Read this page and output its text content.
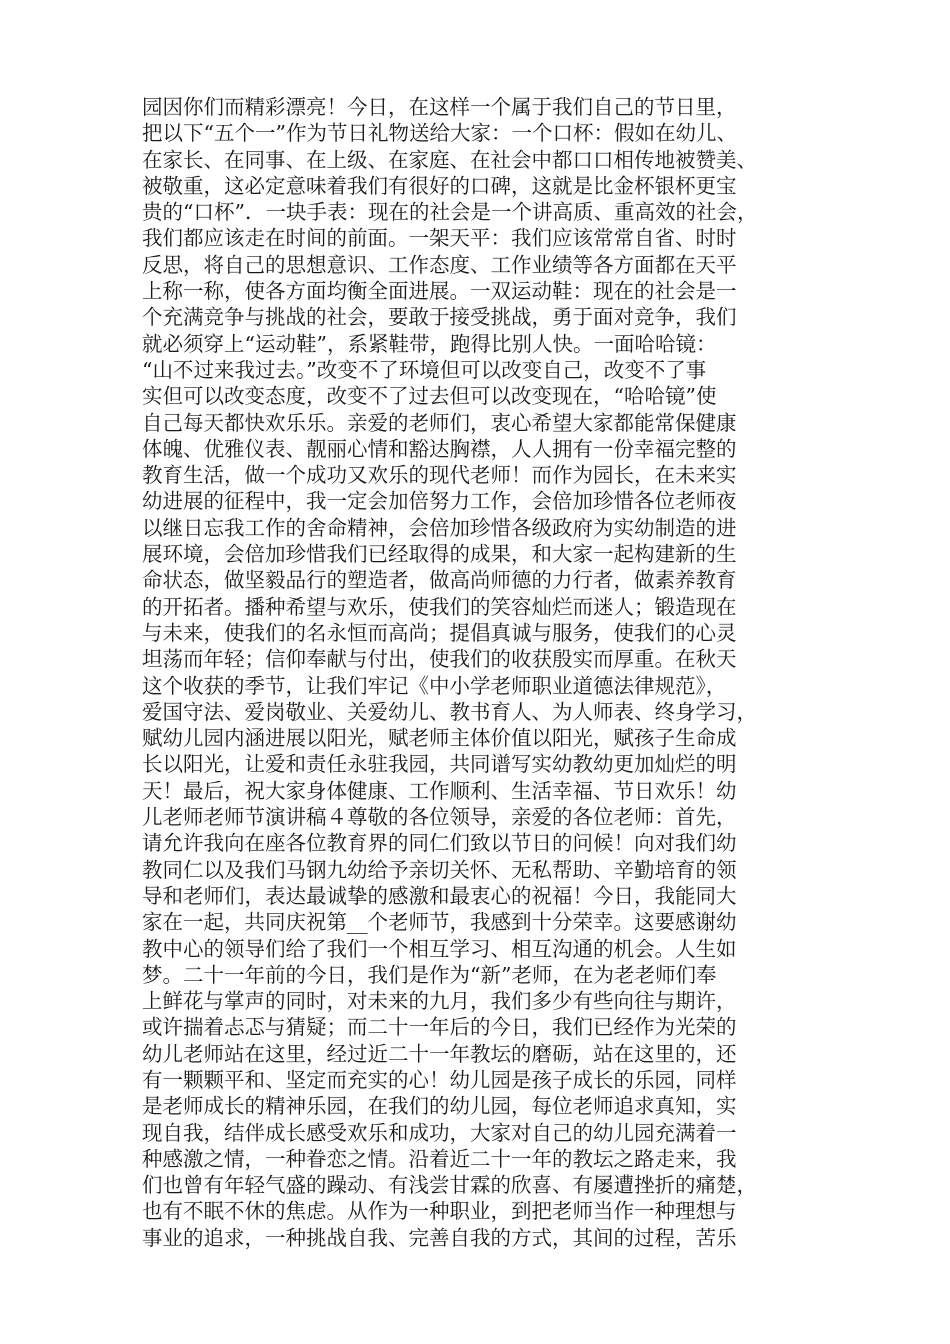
园因你们而精彩漂亮！今日，在这样一个属于我们自己的节日里，
把以下“五个一”作为节日礼物送给大家：一个口杯：假如在幼儿、
在家长、在同事、在上级、在家庭、在社会中都口口相传地被赞美、
被敬重，这必定意味着我们有很好的口碑，这就是比金杯银杯更宝
贵的“口杯”．一块手表：现在的社会是一个讲高质、重高效的社会，
我们都应该走在时间的前面。一架天平：我们应该常常自省、时时
反思，将自己的思想意识、工作态度、工作业绩等各方面都在天平
上称一称，使各方面均衡全面进展。一双运动鞋：现在的社会是一
个充满竞争与挑战的社会，要敢于接受挑战，勇于面对竞争，我们
就必须穿上“运动鞋”，系紧鞋带，跑得比别人快。一面哈哈镜：
“山不过来我过去。”改变不了环境但可以改变自己，改变不了事
实但可以改变态度，改变不了过去但可以改变现在，“哈哈镜”使
自己每天都快欢乐乐。亲爱的老师们，衷心希望大家都能常保健康
体魄、优雅仪表、靓丽心情和豁达胸襟，人人拥有一份幸福完整的
教育生活，做一个成功又欢乐的现代老师！而作为园长，在未来实
幼进展的征程中，我一定会加倍努力工作，会倍加珍惜各位老师夜
以继日忘我工作的舍命精神，会倍加珍惜各级政府为实幼制造的进
展环境，会倍加珍惜我们已经取得的成果，和大家一起构建新的生
命状态，做坚毅品行的塑造者，做高尚师德的力行者，做素养教育
的开拓者。播种希望与欢乐，使我们的笑容灿烂而迷人；锻造现在
与未来，使我们的名永恒而高尚；提倡真诚与服务，使我们的心灵
坦荡而年轻；信仰奉献与付出，使我们的收获殷实而厚重。在秋天
这个收获的季节，让我们牢记《中小学老师职业道德法律规范》，
爱国守法、爱岗敬业、关爱幼儿、教书育人、为人师表、终身学习，
赋幼儿园内涵进展以阳光，赋老师主体价值以阳光，赋孩子生命成
长以阳光，让爱和责任永驻我园，共同谱写实幼教幼更加灿烂的明
天！最后，祝大家身体健康、工作顺利、生活幸福、节日欢乐！幼
儿老师老师节演讲稿４尊敬的各位领导，亲爱的各位老师：首先，
请允许我向在座各位教育界的同仁们致以节日的问候！向对我们幼
教同仁以及我们马钢九幼给予亲切关怀、无私帮助、辛勤培育的领
导和老师们，表达最诚挚的感激和最衷心的祝福！今日，我能同大
家在一起，共同庆祝第__个老师节，我感到十分荣幸。这要感谢幼
教中心的领导们给了我们一个相互学习、相互沟通的机会。人生如
梦。二十一年前的今日，我们是作为“新”老师，在为老老师们奉
上鲜花与掌声的同时，对未来的九月，我们多少有些向往与期许，
或许揣着忐忑与猜疑；而二十一年后的今日，我们已经作为光荣的
幼儿老师站在这里，经过近二十一年教坛的磨砺，站在这里的，还
有一颗颗平和、坚定而充实的心！幼儿园是孩子成长的乐园，同样
是老师成长的精神乐园，在我们的幼儿园，每位老师追求真知，实
现自我，结伴成长感受欢乐和成功，大家对自己的幼儿园充满着一
种感激之情，一种眷恋之情。沿着近二十一年的教坛之路走来，我
们也曾有年轻气盛的躁动、有浅尝甘霖的欣喜、有屡遭挫折的痛楚，
也有不眠不休的焦虑。从作为一种职业，到把老师当作一种理想与
事业的追求，一种挑战自我、完善自我的方式，其间的过程，苦乐
